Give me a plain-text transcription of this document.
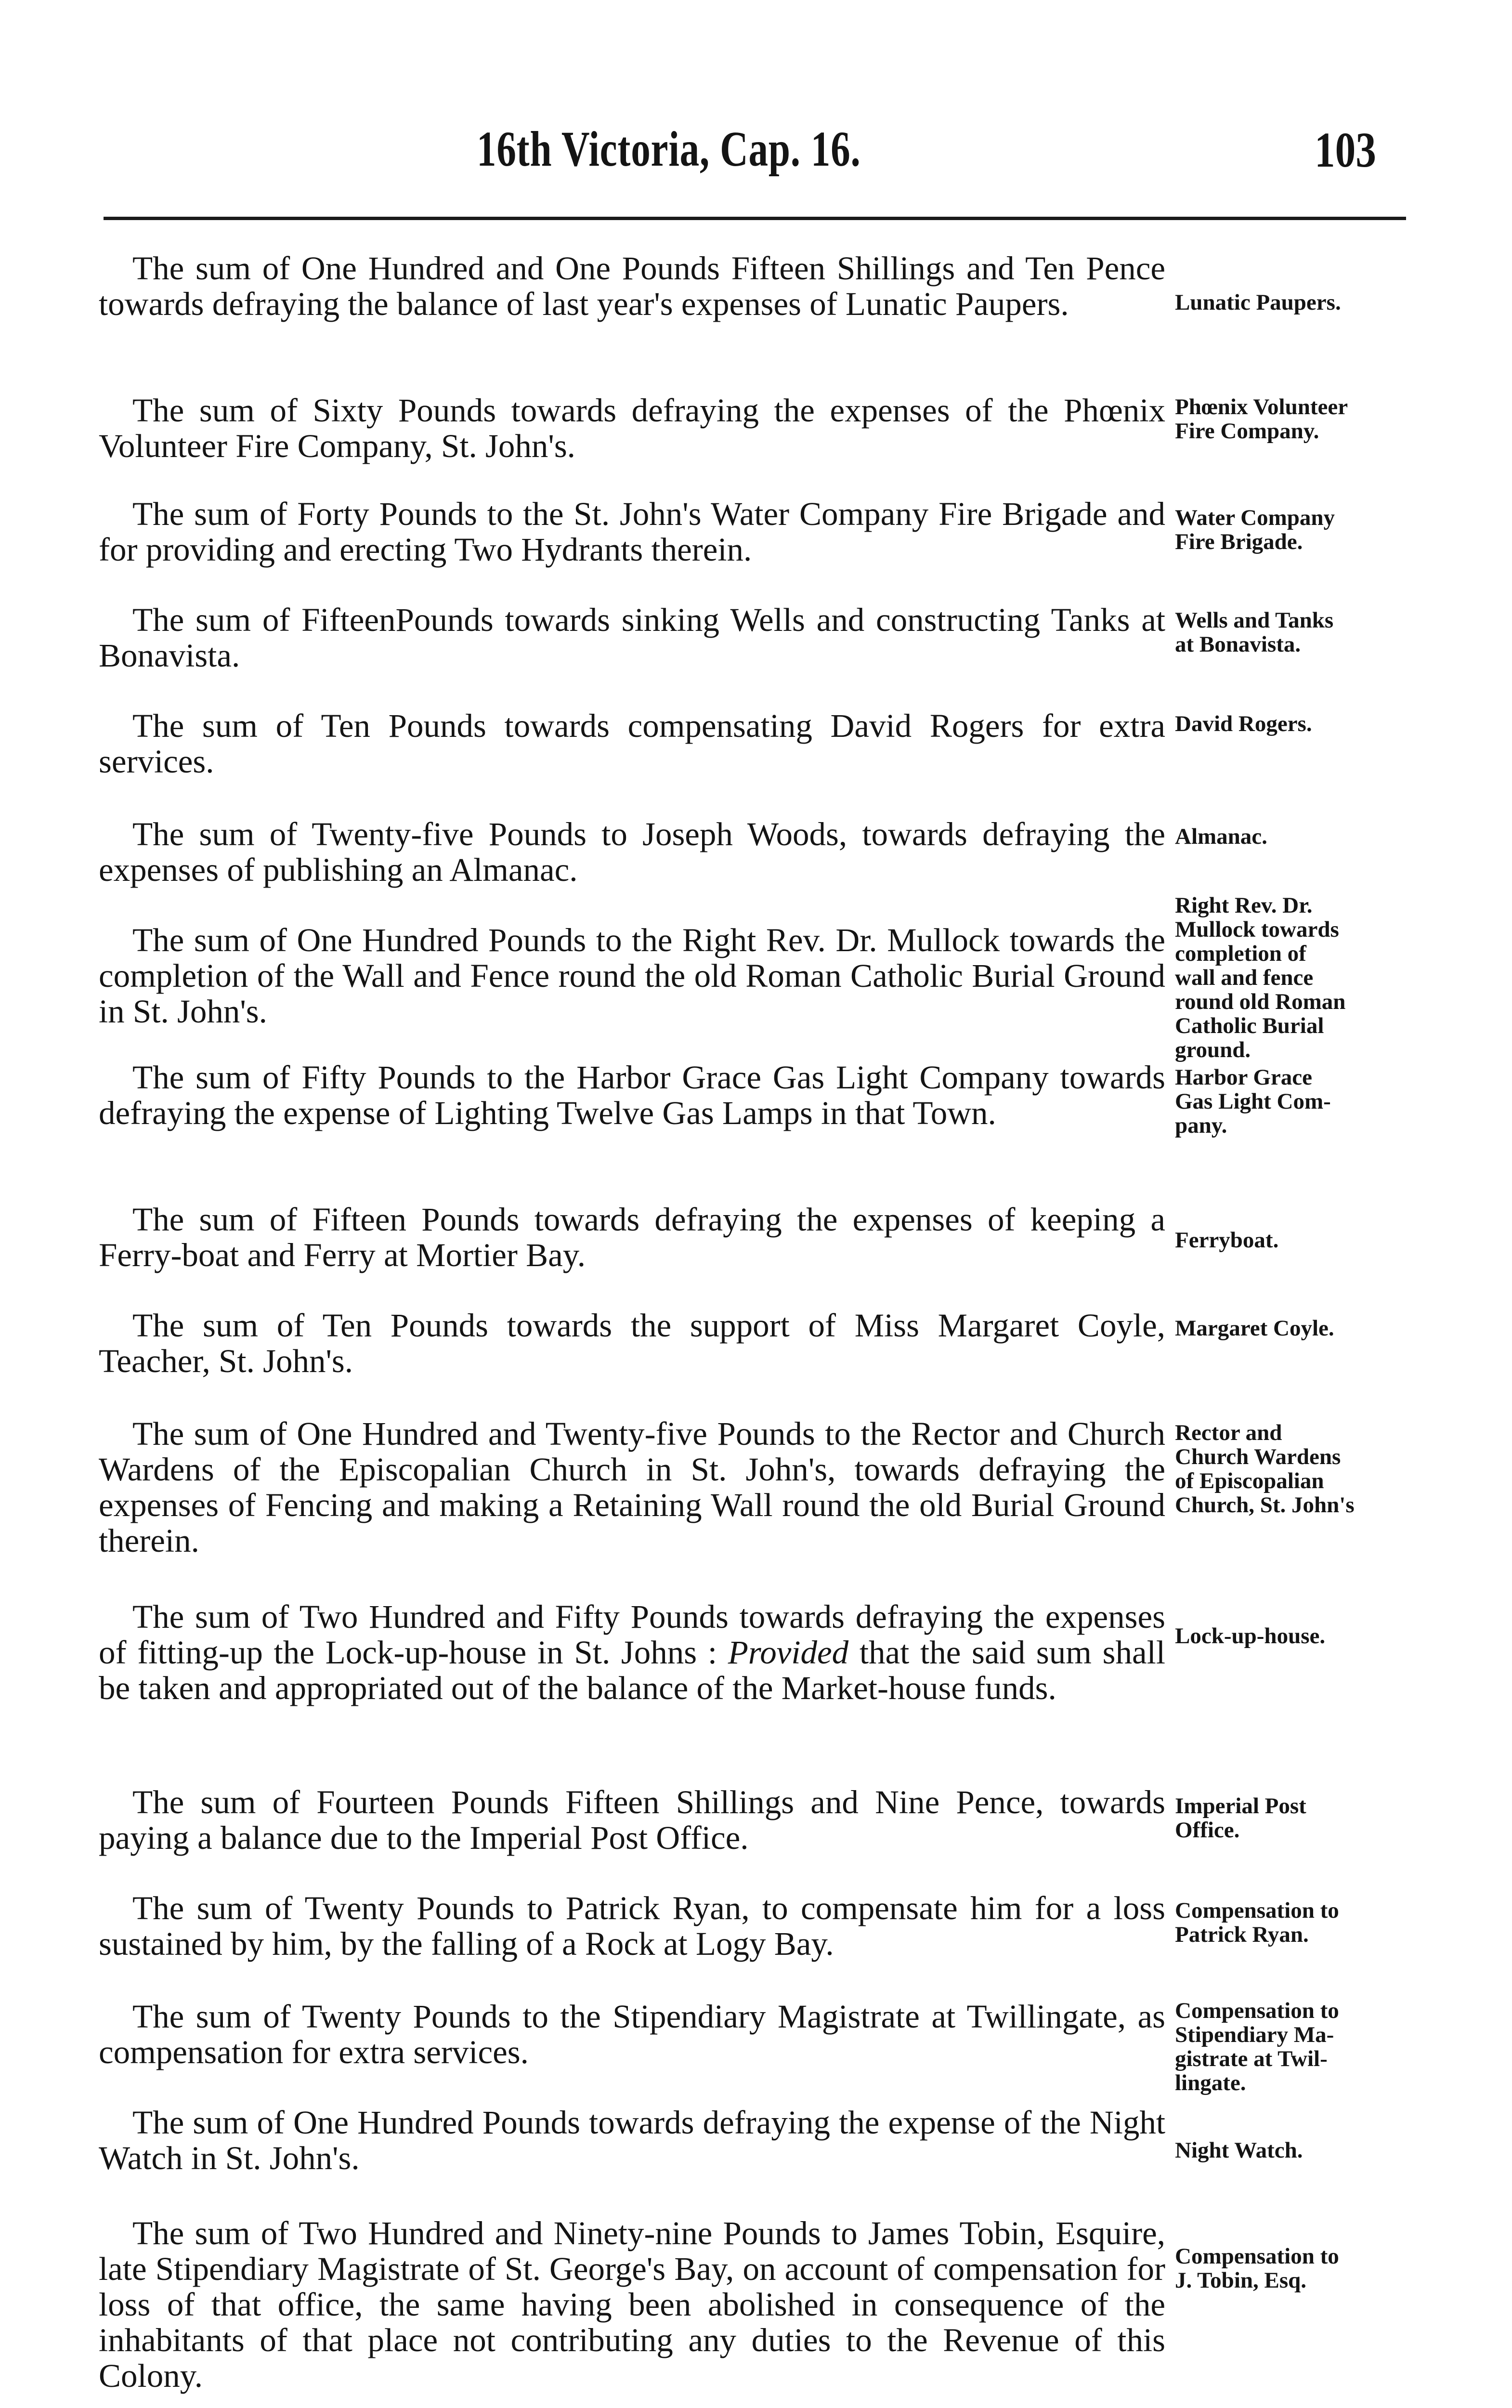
16th Victoria, Cap. 16.	103

The sum of One Hundred and One Pounds Fifteen Shillings and Ten Pence towards defraying the balance of last year's expenses of Lunatic Paupers.

The sum of Sixty Pounds towards defraying the expenses of the Phœnix Volunteer Fire Company, St. John's.

The sum of Forty Pounds to the St. John's Water Company Fire Brigade and for providing and erecting Two Hydrants therein.

The sum of FifteenPounds towards sinking Wells and constructing Tanks at Bonavista.

The sum of Ten Pounds towards compensating David Rogers for extra services.

The sum of Twenty-five Pounds to Joseph Woods, towards defraying the expenses of publishing an Almanac.

The sum of One Hundred Pounds to the Right Rev. Dr. Mullock towards the completion of the Wall and Fence round the old Roman Catholic Burial Ground in St. John's.

The sum of Fifty Pounds to the Harbor Grace Gas Light Company towards defraying the expense of Lighting Twelve Gas Lamps in that Town.

The sum of Fifteen Pounds towards defraying the expenses of keeping a Ferry-boat and Ferry at Mortier Bay.

The sum of Ten Pounds towards the support of Miss Margaret Coyle, Teacher, St. John's.

The sum of One Hundred and Twenty-five Pounds to the Rector and Church Wardens of the Episcopalian Church in St. John's, towards defraying the expenses of Fencing and making a Retaining Wall round the old Burial Ground therein.

The sum of Two Hundred and Fifty Pounds towards defraying the expenses of fitting-up the Lock-up-house in St. Johns : Provided that the said sum shall be taken and appropriated out of the balance of the Market-house funds.

The sum of Fourteen Pounds Fifteen Shillings and Nine Pence, towards paying a balance due to the Imperial Post Office.

The sum of Twenty Pounds to Patrick Ryan, to compensate him for a loss sustained by him, by the falling of a Rock at Logy Bay.

The sum of Twenty Pounds to the Stipendiary Magistrate at Twillingate, as compensation for extra services.

The sum of One Hundred Pounds towards defraying the expense of the Night Watch in St. John's.

The sum of Two Hundred and Ninety-nine Pounds to James Tobin, Esquire, late Stipendiary Magistrate of St. George's Bay, on account of compensation for loss of that office, the same having been abolished in consequence of the inhabitants of that place not contributing any duties to the Revenue of this Colony.

Lunatic Paupers.

Phœnix Volunteer
Fire Company.

Water Company
Fire Brigade.

Wells and Tanks
at Bonavista.

David Rogers.

Almanac.

Right Rev. Dr.
Mullock towards
completion of
wall and fence
round old Roman
Catholic Burial
ground.

Harbor Grace
Gas Light Com-
pany.

Ferryboat.

Margaret Coyle.

Rector and
Church Wardens
of Episcopalian
Church, St. John's

Lock-up-house.

Imperial Post
Office.

Compensation to
Patrick Ryan.

Compensation to
Stipendiary Ma-
gistrate at Twil-
lingate.

Night Watch.

Compensation to
J. Tobin, Esq.
